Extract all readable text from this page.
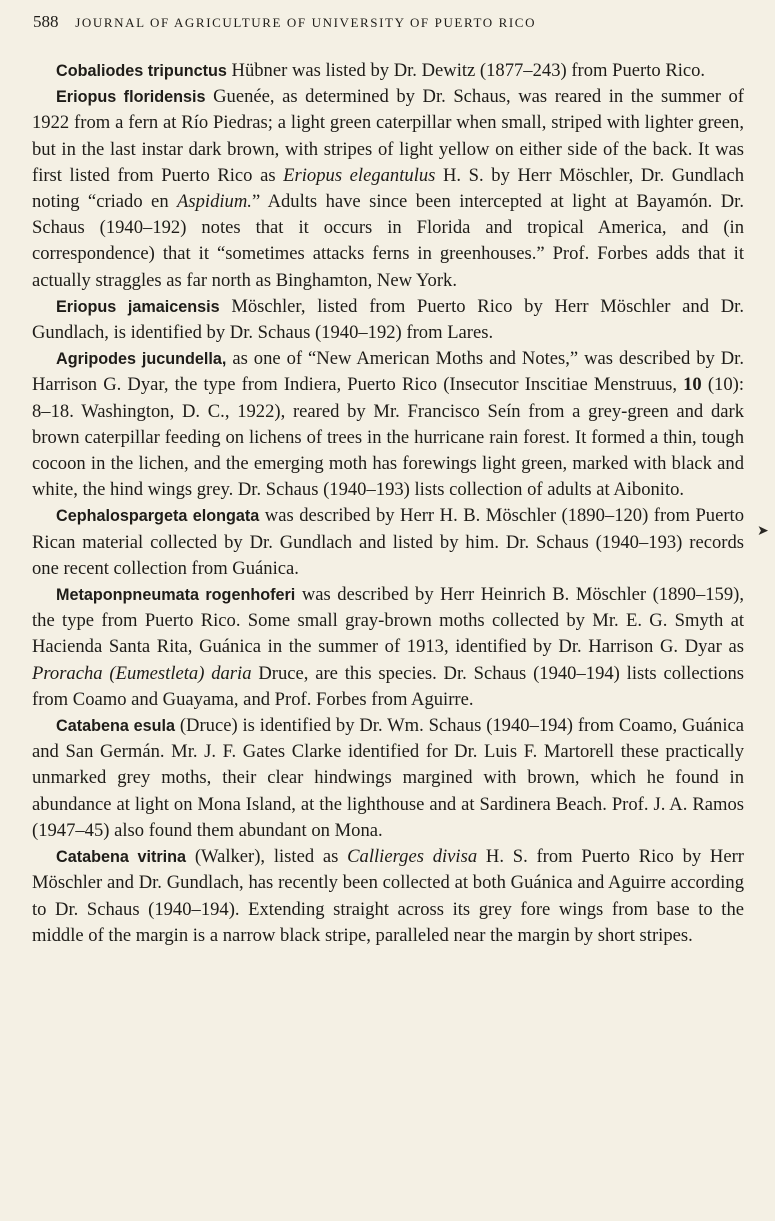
588 JOURNAL OF AGRICULTURE OF UNIVERSITY OF PUERTO RICO
➤

Cobaliodes tripunctus Hübner was listed by Dr. Dewitz (1877–243) from Puerto Rico.

Eriopus floridensis Guenée, as determined by Dr. Schaus, was reared in the summer of 1922 from a fern at Río Piedras; a light green caterpillar when small, striped with lighter green, but in the last instar dark brown, with stripes of light yellow on either side of the back. It was first listed from Puerto Rico as Eriopus elegantulus H. S. by Herr Möschler, Dr. Gundlach noting “criado en Aspidium.” Adults have since been intercepted at light at Bayamón. Dr. Schaus (1940–192) notes that it occurs in Florida and tropical America, and (in correspondence) that it “sometimes attacks ferns in greenhouses.” Prof. Forbes adds that it actually straggles as far north as Binghamton, New York.

Eriopus jamaicensis Möschler, listed from Puerto Rico by Herr Möschler and Dr. Gundlach, is identified by Dr. Schaus (1940–192) from Lares.

Agripodes jucundella, as one of “New American Moths and Notes,” was described by Dr. Harrison G. Dyar, the type from Indiera, Puerto Rico (Insecutor Inscitiae Menstruus, 10 (10): 8–18. Washington, D. C., 1922), reared by Mr. Francisco Seín from a grey-green and dark brown caterpillar feeding on lichens of trees in the hurricane rain forest. It formed a thin, tough cocoon in the lichen, and the emerging moth has forewings light green, marked with black and white, the hind wings grey. Dr. Schaus (1940–193) lists collection of adults at Aibonito.

Cephalospargeta elongata was described by Herr H. B. Möschler (1890–120) from Puerto Rican material collected by Dr. Gundlach and listed by him. Dr. Schaus (1940–193) records one recent collection from Guánica.

Metaponpneumata rogenhoferi was described by Herr Heinrich B. Möschler (1890–159), the type from Puerto Rico. Some small gray-brown moths collected by Mr. E. G. Smyth at Hacienda Santa Rita, Guánica in the summer of 1913, identified by Dr. Harrison G. Dyar as Proracha (Eumestleta) daria Druce, are this species. Dr. Schaus (1940–194) lists collections from Coamo and Guayama, and Prof. Forbes from Aguirre.

Catabena esula (Druce) is identified by Dr. Wm. Schaus (1940–194) from Coamo, Guánica and San Germán. Mr. J. F. Gates Clarke identified for Dr. Luis F. Martorell these practically unmarked grey moths, their clear hindwings margined with brown, which he found in abundance at light on Mona Island, at the lighthouse and at Sardinera Beach. Prof. J. A. Ramos (1947–45) also found them abundant on Mona.

Catabena vitrina (Walker), listed as Callierges divisa H. S. from Puerto Rico by Herr Möschler and Dr. Gundlach, has recently been collected at both Guánica and Aguirre according to Dr. Schaus (1940–194). Extending straight across its grey fore wings from base to the middle of the margin is a narrow black stripe, paralleled near the margin by short stripes.
